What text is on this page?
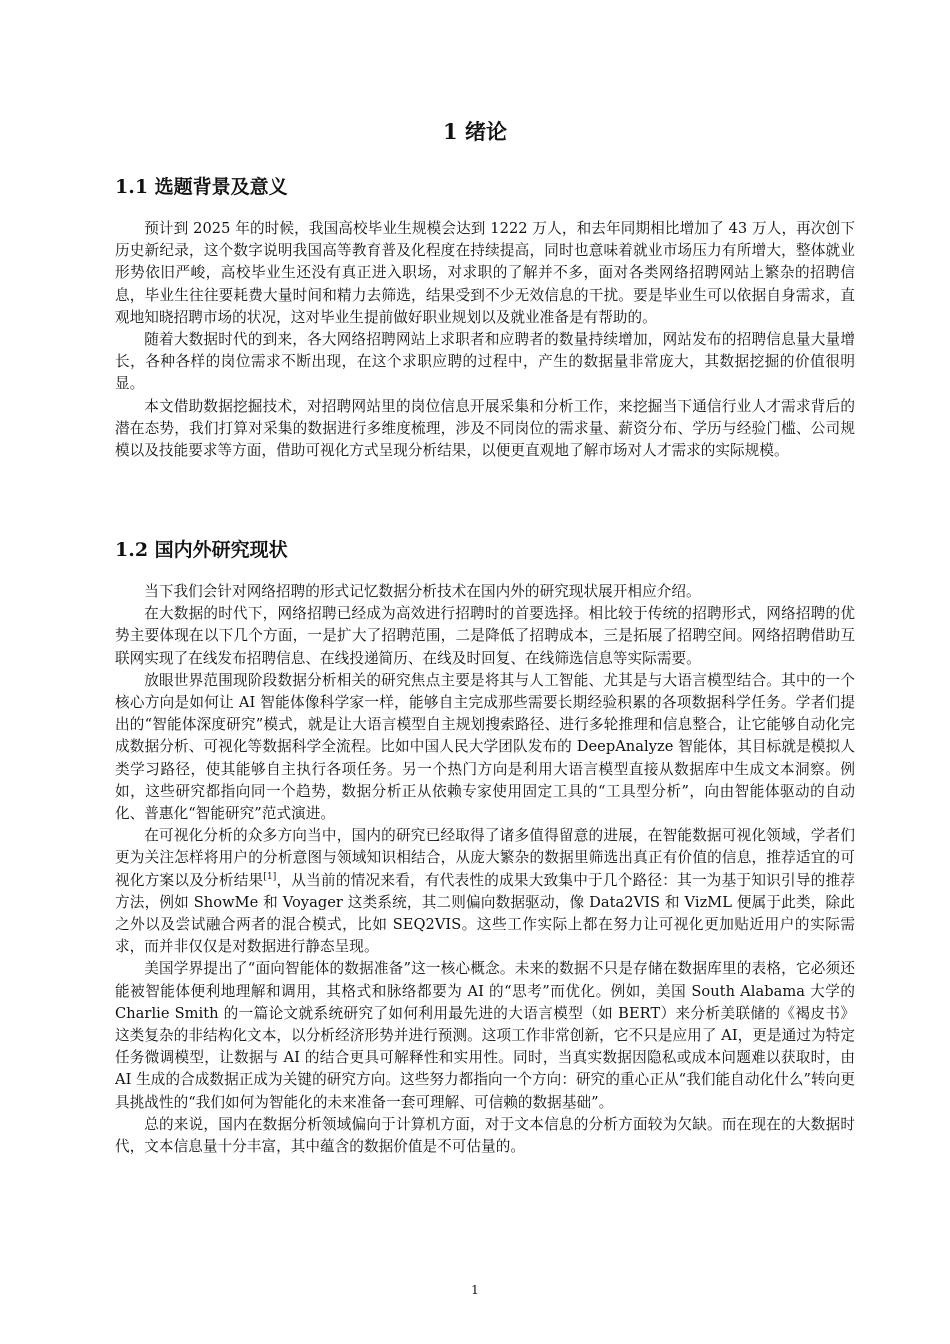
1 绪论
1.1 选题背景及意义

预计到 2025 年的时候，我国高校毕业生规模会达到 1222 万人，和去年同期相比增加了 43 万人，再次创下历史新纪录，这个数字说明我国高等教育普及化程度在持续提高，同时也意味着就业市场压力有所增大，整体就业形势依旧严峻，高校毕业生还没有真正进入职场，对求职的了解并不多，面对各类网络招聘网站上繁杂的招聘信息，毕业生往往要耗费大量时间和精力去筛选，结果受到不少无效信息的干扰。要是毕业生可以依据自身需求，直观地知晓招聘市场的状况，这对毕业生提前做好职业规划以及就业准备是有帮助的。

随着大数据时代的到来，各大网络招聘网站上求职者和应聘者的数量持续增加，网站发布的招聘信息量大量增长，各种各样的岗位需求不断出现，在这个求职应聘的过程中，产生的数据量非常庞大，其数据挖掘的价值很明显。

本文借助数据挖掘技术，对招聘网站里的岗位信息开展采集和分析工作，来挖掘当下通信行业人才需求背后的潜在态势，我们打算对采集的数据进行多维度梳理，涉及不同岗位的需求量、薪资分布、学历与经验门槛、公司规模以及技能要求等方面，借助可视化方式呈现分析结果，以便更直观地了解市场对人才需求的实际规模。

1.2 国内外研究现状

当下我们会针对网络招聘的形式记忆数据分析技术在国内外的研究现状展开相应介绍。

在大数据的时代下，网络招聘已经成为高效进行招聘时的首要选择。相比较于传统的招聘形式，网络招聘的优势主要体现在以下几个方面，一是扩大了招聘范围，二是降低了招聘成本，三是拓展了招聘空间。网络招聘借助互联网实现了在线发布招聘信息、在线投递简历、在线及时回复、在线筛选信息等实际需要。

放眼世界范围现阶段数据分析相关的研究焦点主要是将其与人工智能、尤其是与大语言模型结合。其中的一个核心方向是如何让 AI 智能体像科学家一样，能够自主完成那些需要长期经验积累的各项数据科学任务。学者们提出的“智能体深度研究”模式，就是让大语言模型自主规划搜索路径、进行多轮推理和信息整合，让它能够自动化完成数据分析、可视化等数据科学全流程。比如中国人民大学团队发布的 DeepAnalyze 智能体，其目标就是模拟人类学习路径，使其能够自主执行各项任务。另一个热门方向是利用大语言模型直接从数据库中生成文本洞察。例如，这些研究都指向同一个趋势，数据分析正从依赖专家使用固定工具的“工具型分析”，向由智能体驱动的自动化、普惠化“智能研究”范式演进。

在可视化分析的众多方向当中，国内的研究已经取得了诸多值得留意的进展，在智能数据可视化领域，学者们更为关注怎样将用户的分析意图与领域知识相结合，从庞大繁杂的数据里筛选出真正有价值的信息，推荐适宜的可视化方案以及分析结果[1]，从当前的情况来看，有代表性的成果大致集中于几个路径：其一为基于知识引导的推荐方法，例如 ShowMe 和 Voyager 这类系统，其二则偏向数据驱动，像 Data2VIS 和 VizML 便属于此类，除此之外以及尝试融合两者的混合模式，比如 SEQ2VIS。这些工作实际上都在努力让可视化更加贴近用户的实际需求，而并非仅仅是对数据进行静态呈现。

美国学界提出了“面向智能体的数据准备”这一核心概念。未来的数据不只是存储在数据库里的表格，它必须还能被智能体便利地理解和调用，其格式和脉络都要为 AI 的“思考”而优化。例如，美国 South Alabama 大学的 Charlie Smith 的一篇论文就系统研究了如何利用最先进的大语言模型（如 BERT）来分析美联储的《褐皮书》这类复杂的非结构化文本，以分析经济形势并进行预测。这项工作非常创新，它不只是应用了 AI，更是通过为特定任务微调模型，让数据与 AI 的结合更具可解释性和实用性。同时，当真实数据因隐私或成本问题难以获取时，由 AI 生成的合成数据正成为关键的研究方向。这些努力都指向一个方向：研究的重心正从“我们能自动化什么”转向更具挑战性的“我们如何为智能化的未来准备一套可理解、可信赖的数据基础”。

总的来说，国内在数据分析领域偏向于计算机方面，对于文本信息的分析方面较为欠缺。而在现在的大数据时代，文本信息量十分丰富，其中蕴含的数据价值是不可估量的。

1
